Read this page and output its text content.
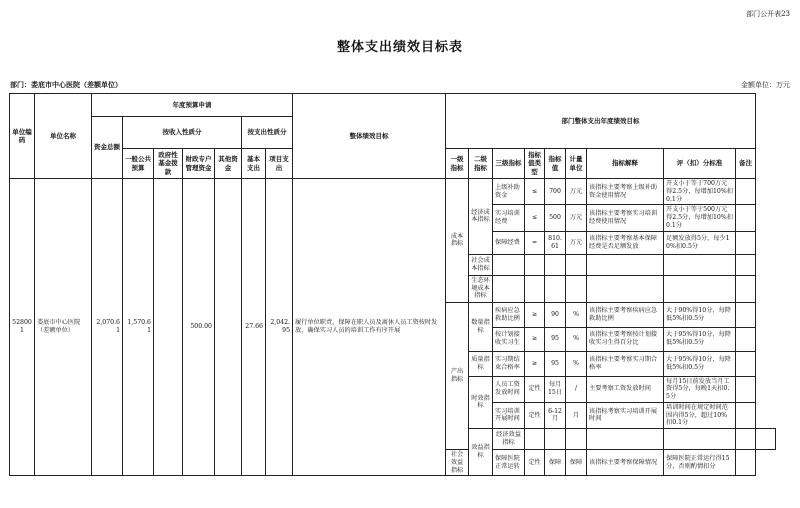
部门公开表23
整体支出绩效目标表
部门：娄底市中心医院（差额单位）	金额单位：万元
单位编码	单位名称	年度预算申请							整体绩效目标	部门整体支出年度绩效目标									
		资金总额	按收入性质分				按支出性质分												
			一般公共预算	政府性基金拨款	财政专户管理资金	其他资金	基本支出	项目支出		一级指标	二级指标	三级指标	指标值类型	指标值	计量单位	指标解释	评（扣）分标准	备注	
528001	娄底市中心医院（差额单位）	2,070.61	1,570.61		500.00		27.66	2,042.95	履行单位职责，保障在职人员及离休人员工资按时发放，确保实习人员的培训工作有序开展	成本指标	经济成本指标	上级补助资金	≤	700	万元	该指标主要考察上级补助资金使用情况	开支小于等于700万元得2.5分，每增加10%扣0.1分		
												实习培训经费	≤	500	万元	该指标主要考察实习培训经费使用情况	开支小于等于500万元得2.5分，每增加10%扣0.1分		
												保障经费	=	810.61	万元	该指标主要考察基本保障经费是否足额发放	足额发放得5分，每少10%扣0.5分		
											社会成本指标								
											生态环境成本指标								
										产出指标	数量指标	疾病应急救助比例	≥	90	%	该指标主要考察疾病应急救助比例	大于90%得10分，每降低5%扣0.5分		
												按计划接收实习生	≥	95	%	该指标主要考察按计划接收实习生得百分比	大于95%得10分，每降低5%扣0.5分		
											质量指标	实习期结束合格率	≥	95	%	该指标主要考察实习期合格率	大于95%得10分，每降低5%扣0.5分		
											时效指标	人员工资发放时间	定性	每月15日	/	主要考察工资发放时间	每月15日前发放当月工资得5分，每晚1天扣0.5分		
												实习培训开展时间	定性	6-12月	月	该指标考察实习培训开展时间	培训时间在规定时间范围内得5分，超过10%扣0.1分		
											效益指标	经济效益指标							
										社会效益指标		保障医院正常运转	定性	保障	保障	该指标主要考察保障情况	保障医院正常运行得15分，否则酌情扣分		
